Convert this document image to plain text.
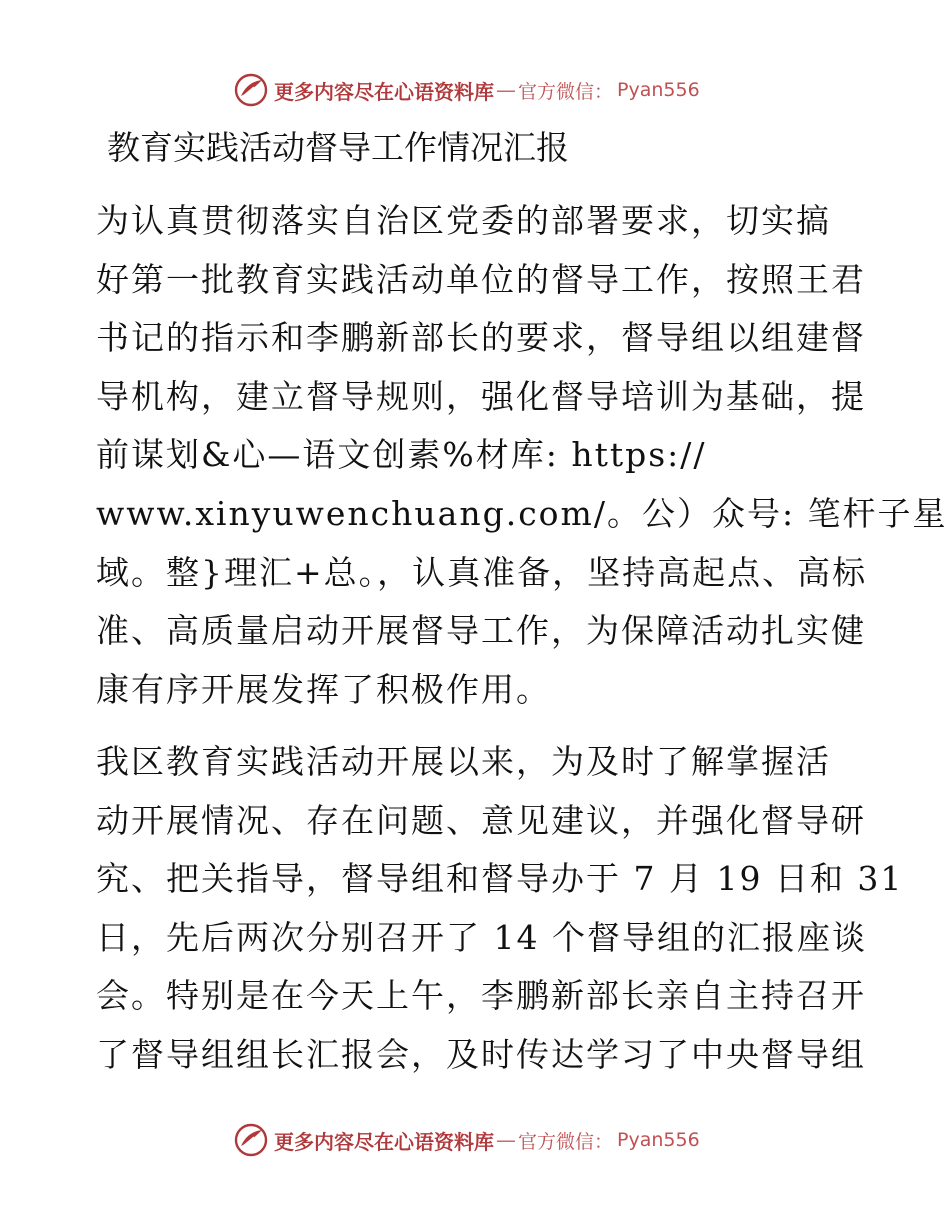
更多内容尽在心语资料库 — 官方微信： Pyan556
教育实践活动督导工作情况汇报

为认真贯彻落实自治区党委的部署要求，切实搞
好第一批教育实践活动单位的督导工作，按照王君
书记的指示和李鹏新部长的要求，督导组以组建督
导机构，建立督导规则，强化督导培训为基础，提
前谋划&心—语文创素%材库: https://
www.xinyuwenchuang.com/。公）众号: 笔杆子星
域。整}理汇+总。，认真准备，坚持高起点、高标
准、高质量启动开展督导工作，为保障活动扎实健
康有序开展发挥了积极作用。

我区教育实践活动开展以来，为及时了解掌握活
动开展情况、存在问题、意见建议，并强化督导研
究、把关指导，督导组和督导办于 7 月 19 日和 31
日，先后两次分别召开了 14 个督导组的汇报座谈
会。特别是在今天上午，李鹏新部长亲自主持召开
了督导组组长汇报会，及时传达学习了中央督导组

更多内容尽在心语资料库 — 官方微信： Pyan556
